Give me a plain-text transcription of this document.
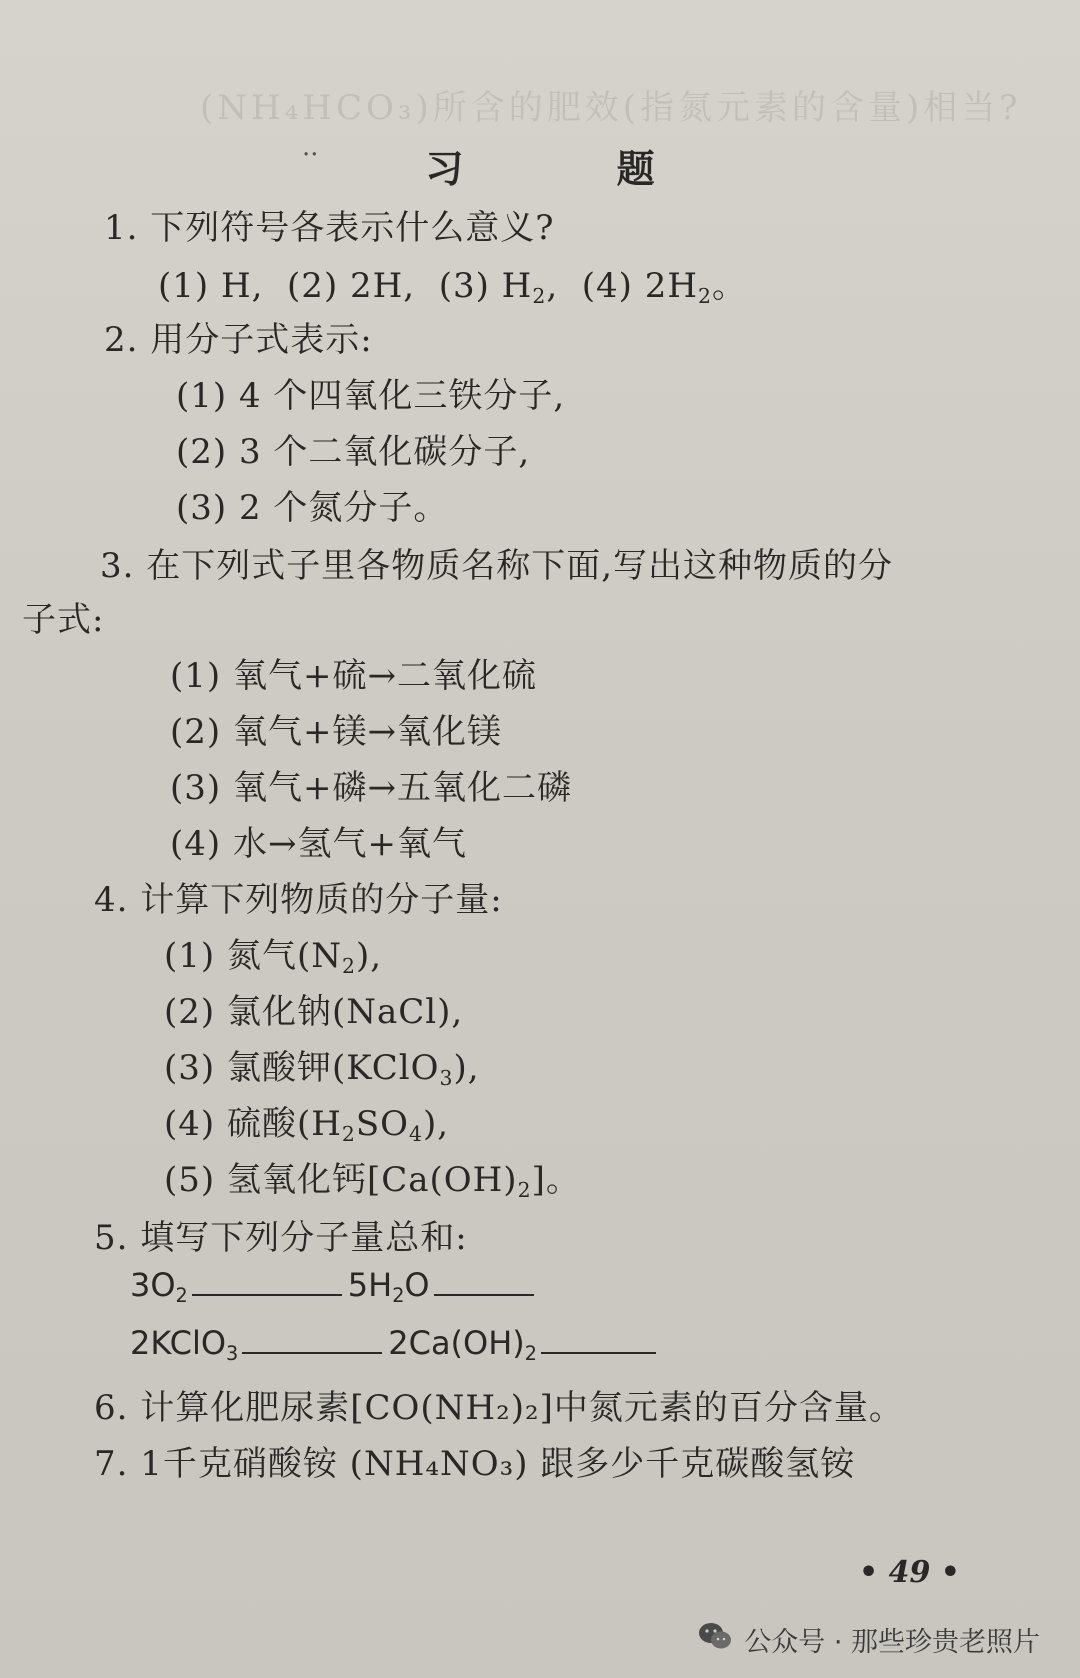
(NH₄HCO₃)所含的肥效(指氮元素的含量)相当?
··	习 题
1. 下列符号各表示什么意义?
(1) H,  (2) 2H,  (3) $H_2$,  (4) $2H_2$。
2. 用分子式表示:
(1) 4 个四氧化三铁分子,
(2) 3 个二氧化碳分子,
(3) 2 个氮分子。
3. 在下列式子里各物质名称下面,写出这种物质的分
子式:
(1) 氧气+硫→二氧化硫
(2) 氧气+镁→氧化镁
(3) 氧气+磷→五氧化二磷
(4) 水→氢气+氧气
4. 计算下列物质的分子量:
(1) 氮气$(N_2)$,
(2) 氯化钠(NaCl),
(3) 氯酸钾(KClO$_3$),
(4) 硫酸$(H_2SO_4)$,
(5) 氢氧化钙$[Ca(OH)_2]$。
5. 填写下列分子量总和:
$3O_2$	$5H_2O$
2KClO$_3$	$2Ca(OH)_2$
6. 计算化肥尿素[CO(NH₂)₂]中氮元素的百分含量。
7. 1千克硝酸铵 (NH₄NO₃) 跟多少千克碳酸氢铵
• 49 •
公众号 · 那些珍贵老照片
